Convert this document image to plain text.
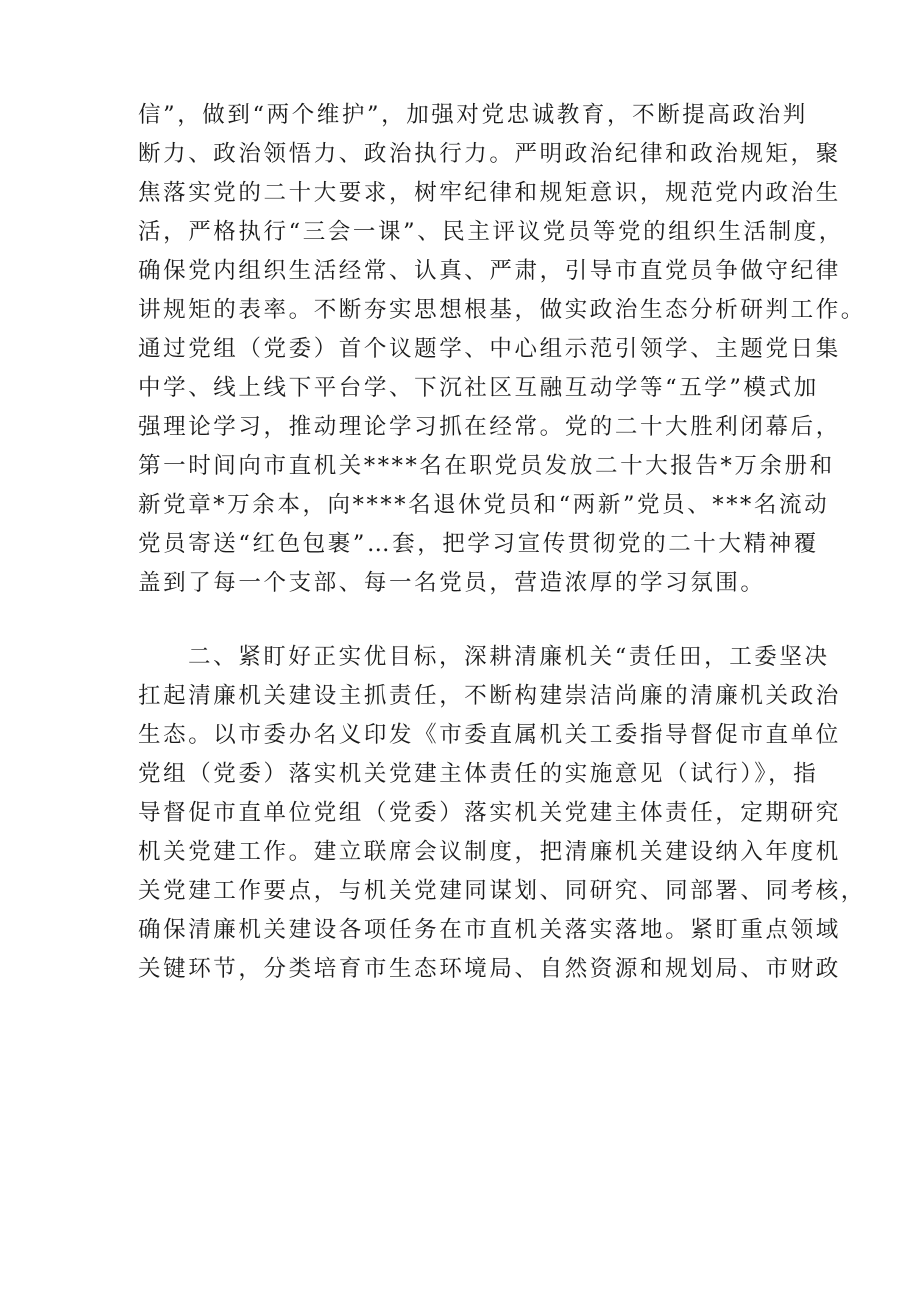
信”，做到“两个维护”，加强对党忠诚教育，不断提高政治判
断力、政治领悟力、政治执行力。严明政治纪律和政治规矩，聚
焦落实党的二十大要求，树牢纪律和规矩意识，规范党内政治生
活，严格执行“三会一课”、民主评议党员等党的组织生活制度，
确保党内组织生活经常、认真、严肃，引导市直党员争做守纪律
讲规矩的表率。不断夯实思想根基，做实政治生态分析研判工作。
通过党组（党委）首个议题学、中心组示范引领学、主题党日集
中学、线上线下平台学、下沉社区互融互动学等“五学”模式加
强理论学习，推动理论学习抓在经常。党的二十大胜利闭幕后，
第一时间向市直机关****名在职党员发放二十大报告*万余册和
新党章*万余本，向****名退休党员和“两新”党员、***名流动
党员寄送“红色包裹”…套，把学习宣传贯彻党的二十大精神覆
盖到了每一个支部、每一名党员，营造浓厚的学习氛围。

二、紧盯好正实优目标，深耕清廉机关“责任田，工委坚决
扛起清廉机关建设主抓责任，不断构建崇洁尚廉的清廉机关政治
生态。以市委办名义印发《市委直属机关工委指导督促市直单位
党组（党委）落实机关党建主体责任的实施意见（试行）》，指
导督促市直单位党组（党委）落实机关党建主体责任，定期研究
机关党建工作。建立联席会议制度，把清廉机关建设纳入年度机
关党建工作要点，与机关党建同谋划、同研究、同部署、同考核，
确保清廉机关建设各项任务在市直机关落实落地。紧盯重点领域
关键环节，分类培育市生态环境局、自然资源和规划局、市财政
